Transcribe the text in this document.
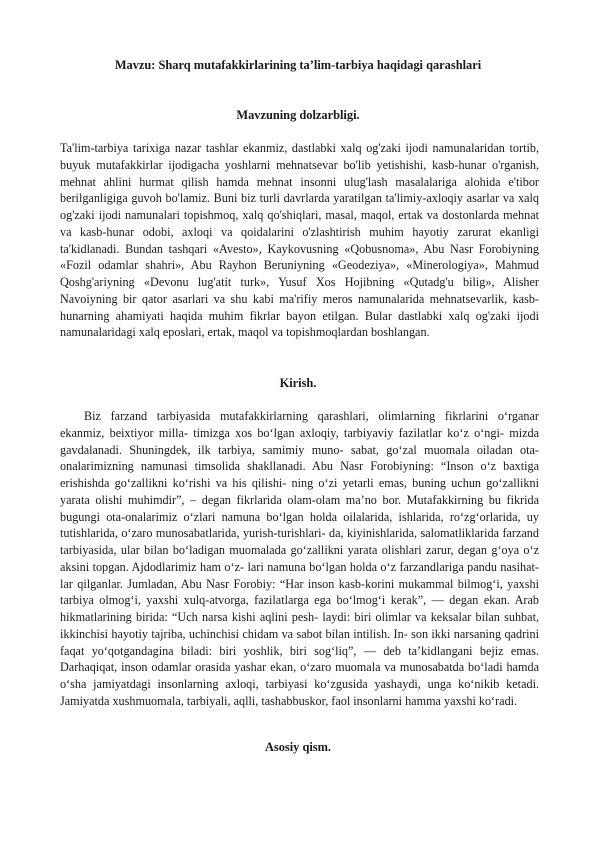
Mavzu: Sharq mutafakkirlarining ta’lim-tarbiya haqidagi qarashlari
Mavzuning dolzarbligi.

Ta'lim-tarbiya tarixiga nazar tashlar ekanmiz, dastlabki xalq og'zaki ijodi namunalaridan tortib, buyuk mutafakkirlar ijodigacha yoshlarni mehnatsevar bo'lib yetishishi, kasb-hunar o'rganish, mehnat ahlini hurmat qilish hamda mehnat insonni ulug'lash masalalariga alohida e'tibor berilganligiga guvoh bo'lamiz. Buni biz turli davrlarda yaratilgan ta'limiy-axloqiy asarlar va xalq og'zaki ijodi namunalari topishmoq, xalq qo'shiqlari, masal, maqol, ertak va dostonlarda mehnat va kasb-hunar odobi, axloqi va qoidalarini o'zlashtirish muhim hayotiy zarurat ekanligi ta'kidlanadi. Bundan tashqari «Avesto», Kaykovusning «Qobusnoma», Abu Nasr Forobiyning «Fozil odamlar shahri», Abu Rayhon Beruniyning «Geodeziya», «Minerologiya», Mahmud Qoshg'ariyning «Devonu lug'atit turk», Yusuf Xos Hojibning «Qutadg'u bilig», Alisher Navoiyning bir qator asarlari va shu kabi ma'rifiy meros namunalarida mehnatsevarlik, kasb-hunarning ahamiyati haqida muhim fikrlar bayon etilgan. Bular dastlabki xalq og'zaki ijodi namunalaridagi xalq eposlari, ertak, maqol va topishmoqlardan boshlangan.

Kirish.

Biz farzand tarbiyasida mutafakkirlarning qarashlari, olimlarning fikrlarini o‘rganar ekanmiz, beixtiyor milla- timizga xos bo‘lgan axloqiy, tarbiyaviy fazilatlar ko‘z o‘ngi- mizda gavdalanadi. Shuningdek, ilk tarbiya, samimiy muno- sabat, go‘zal muomala oiladan ota-onalarimizning namunasi timsolida shakllanadi. Abu Nasr Forobiyning: “Inson o‘z baxtiga erishishda go‘zallikni ko‘rishi va his qilishi- ning o‘zi yetarli emas, buning uchun go‘zallikni yarata olishi muhimdir”, – degan fikrlarida olam-olam ma’no bor. Mutafakkirning bu fikrida bugungi ota-onalarimiz o‘zlari namuna bo‘lgan holda oilalarida, ishlarida, ro‘zg‘orlarida, uy tutishlarida, o‘zaro munosabatlarida, yurish-turishlari- da, kiyinishlarida, salomatliklarida farzand tarbiyasida, ular bilan bo‘ladigan muomalada go‘zallikni yarata olishlari zarur, degan g‘oya o‘z aksini topgan. Ajdodlarimiz ham o‘z- lari namuna bo‘lgan holda o‘z farzandlariga pandu nasihat- lar qilganlar. Jumladan, Abu Nasr Forobiy: “Har inson kasb-korini mukammal bilmog‘i, yaxshi tarbiya olmog‘i, yaxshi xulq-atvorga, fazilatlarga ega bo‘lmog‘i kerak”, — degan ekan. Arab hikmatlarining birida: “Uch narsa kishi aqlini pesh- laydi: biri olimlar va keksalar bilan suhbat, ikkinchisi hayotiy tajriba, uchinchisi chidam va sabot bilan intilish. In- son ikki narsaning qadrini faqat yo‘qotgandagina biladi: biri yoshlik, biri sog‘liq”, — deb ta’kidlangani bejiz emas. Darhaqiqat, inson odamlar orasida yashar ekan, o‘zaro muomala va munosabatda bo‘ladi hamda o‘sha jamiyatdagi insonlarning axloqi, tarbiyasi ko‘zgusida yashaydi, unga ko‘nikib ketadi. Jamiyatda xushmuomala, tarbiyali, aqlli, tashabbuskor, faol insonlarni hamma yaxshi ko‘radi.

Asosiy qism.
